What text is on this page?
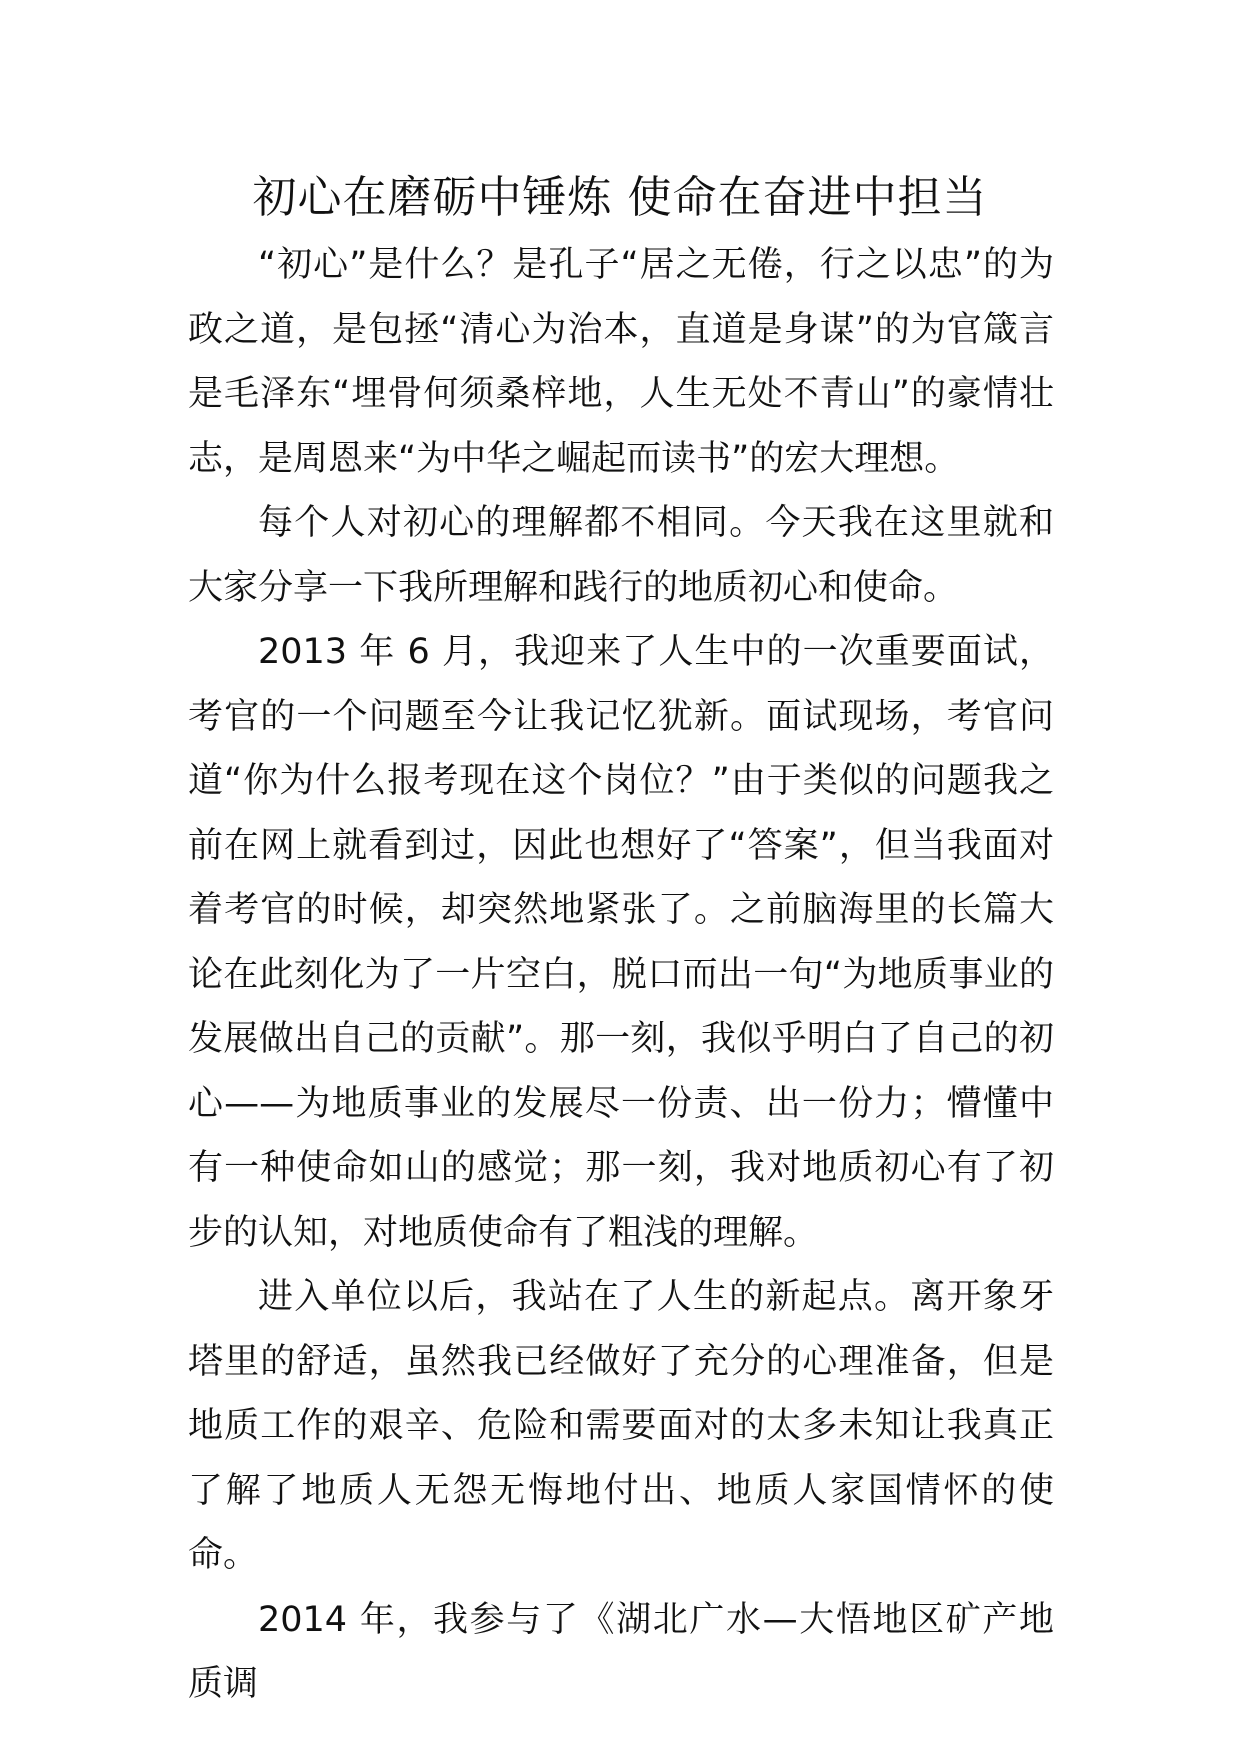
初心在磨砺中锤炼 使命在奋进中担当

“初心”是什么？是孔子“居之无倦，行之以忠”的为政之道，是包拯“清心为治本，直道是身谋”的为官箴言是毛泽东“埋骨何须桑梓地，人生无处不青山”的豪情壮志，是周恩来“为中华之崛起而读书”的宏大理想。

每个人对初心的理解都不相同。今天我在这里就和大家分享一下我所理解和践行的地质初心和使命。

2013 年 6 月，我迎来了人生中的一次重要面试，考官的一个问题至今让我记忆犹新。面试现场，考官问道“你为什么报考现在这个岗位？”由于类似的问题我之前在网上就看到过，因此也想好了“答案”，但当我面对着考官的时候，却突然地紧张了。之前脑海里的长篇大论在此刻化为了一片空白，脱口而出一句“为地质事业的发展做出自己的贡献”。那一刻，我似乎明白了自己的初心——为地质事业的发展尽一份责、出一份力；懵懂中有一种使命如山的感觉；那一刻，我对地质初心有了初步的认知，对地质使命有了粗浅的理解。

进入单位以后，我站在了人生的新起点。离开象牙塔里的舒适，虽然我已经做好了充分的心理准备，但是地质工作的艰辛、危险和需要面对的太多未知让我真正了解了地质人无怨无悔地付出、地质人家国情怀的使命。

2014 年，我参与了《湖北广水—大悟地区矿产地质调
